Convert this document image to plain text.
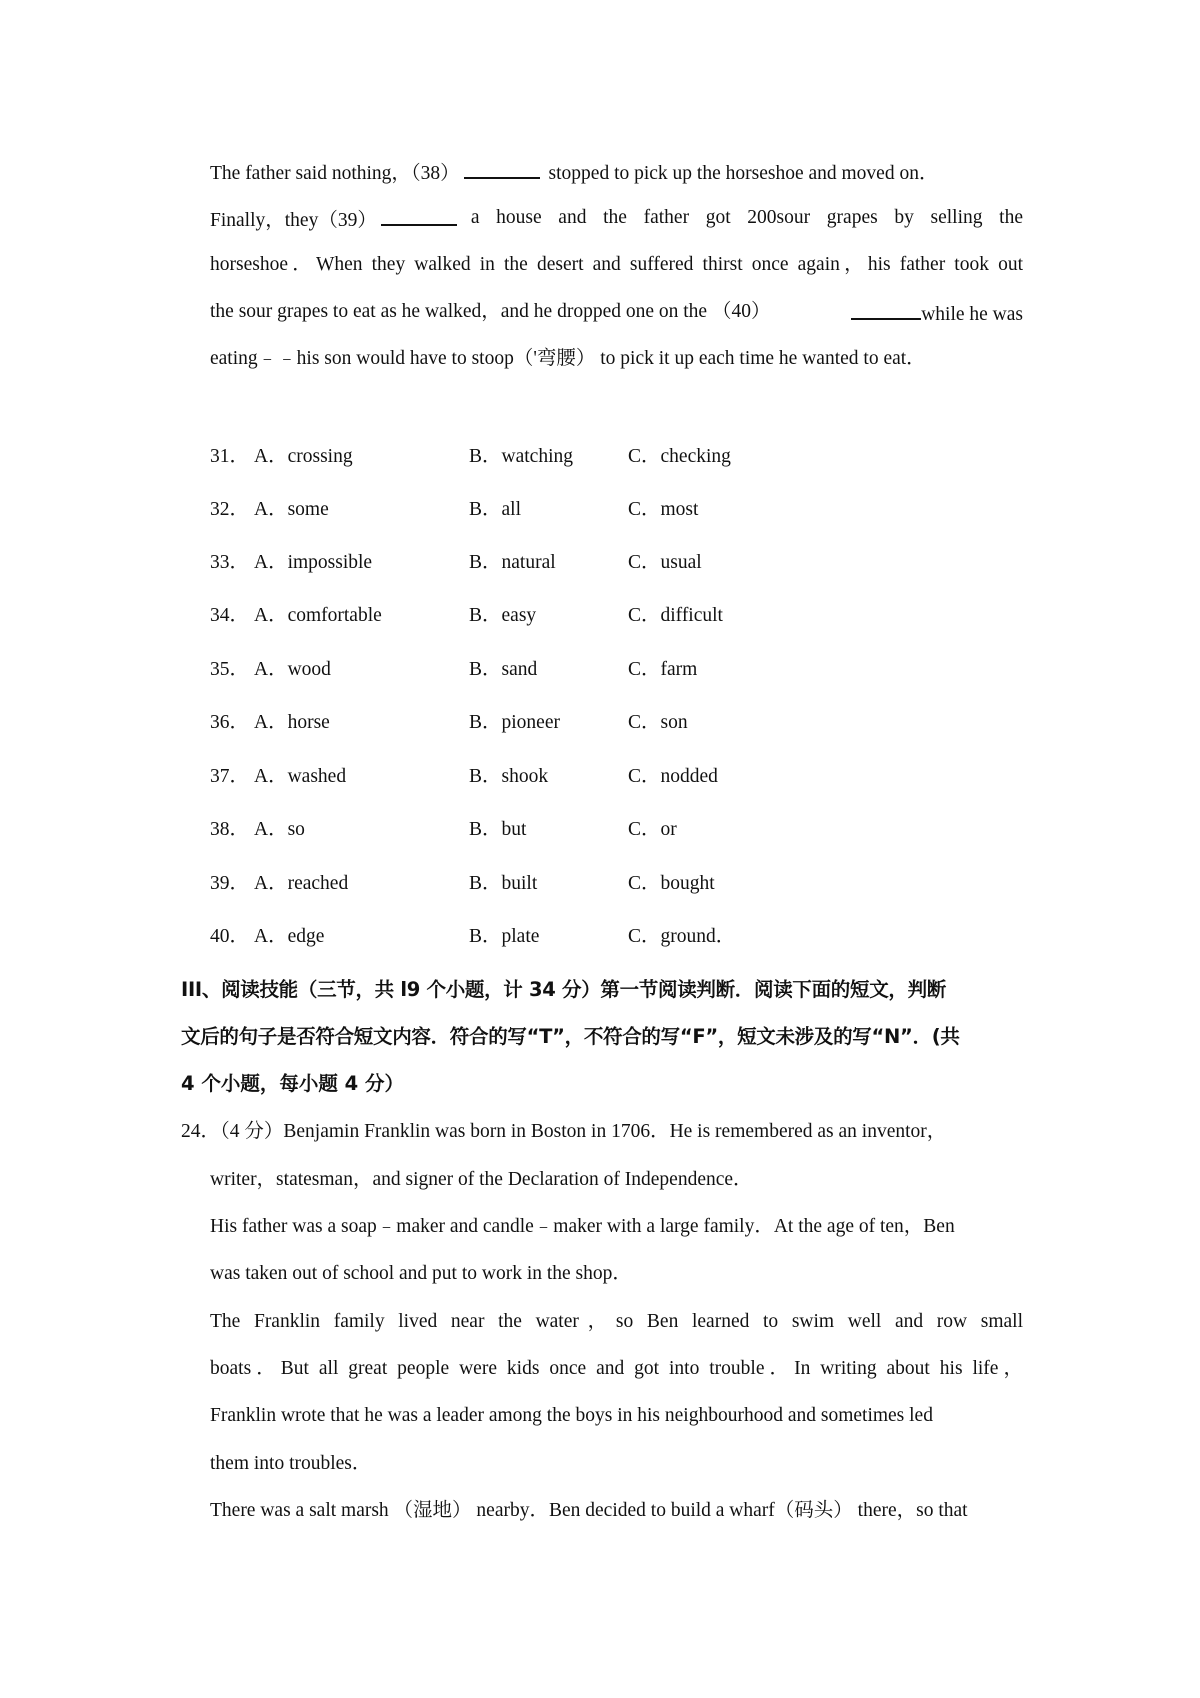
The father said nothing，（38）	stopped to pick up the horseshoe and moved on．
Finally，they（39）	a house and the father got 200sour grapes by selling the
horseshoe．When they walked in the desert and suffered thirst once again，his father took out
the sour grapes to eat as he walked，and he dropped one on the （40）	while he was
eating﹣﹣his son would have to stoop（'弯腰） to pick it up each time he wanted to eat．
31． A．crossing	B．watching	C．checking
32． A．some	B．all	C．most
33． A．impossible	B．natural	C．usual
34． A．comfortable	B．easy	C．difficult
35． A．wood	B．sand	C．farm
36． A．horse	B．pioneer	C．son
37． A．washed	B．shook	C．nodded
38． A．so	B．but	C．or
39． A．reached	B．built	C．bought
40． A．edge	B．plate	C．ground．
III、阅读技能（三节，共 l9 个小题，计 34 分）第一节阅读判断．阅读下面的短文，判断
文后的句子是否符合短文内容．符合的写“T”，不符合的写“F”，短文未涉及的写“N”．(共
4 个小题，每小题 4 分）
24．（4 分）Benjamin Franklin was born in Boston in 1706．He is remembered as an inventor，
writer，statesman，and signer of the Declaration of Independence．
His father was a soap﹣maker and candle﹣maker with a large family．At the age of ten，Ben
was taken out of school and put to work in the shop．
The Franklin family lived near the water，so Ben learned to swim well and row small
boats．But all great people were kids once and got into trouble．In writing about his life，
Franklin wrote that he was a leader among the boys in his neighbourhood and sometimes led
them into troubles．
There was a salt marsh （湿地） nearby．Ben decided to build a wharf（码头） there，so that
